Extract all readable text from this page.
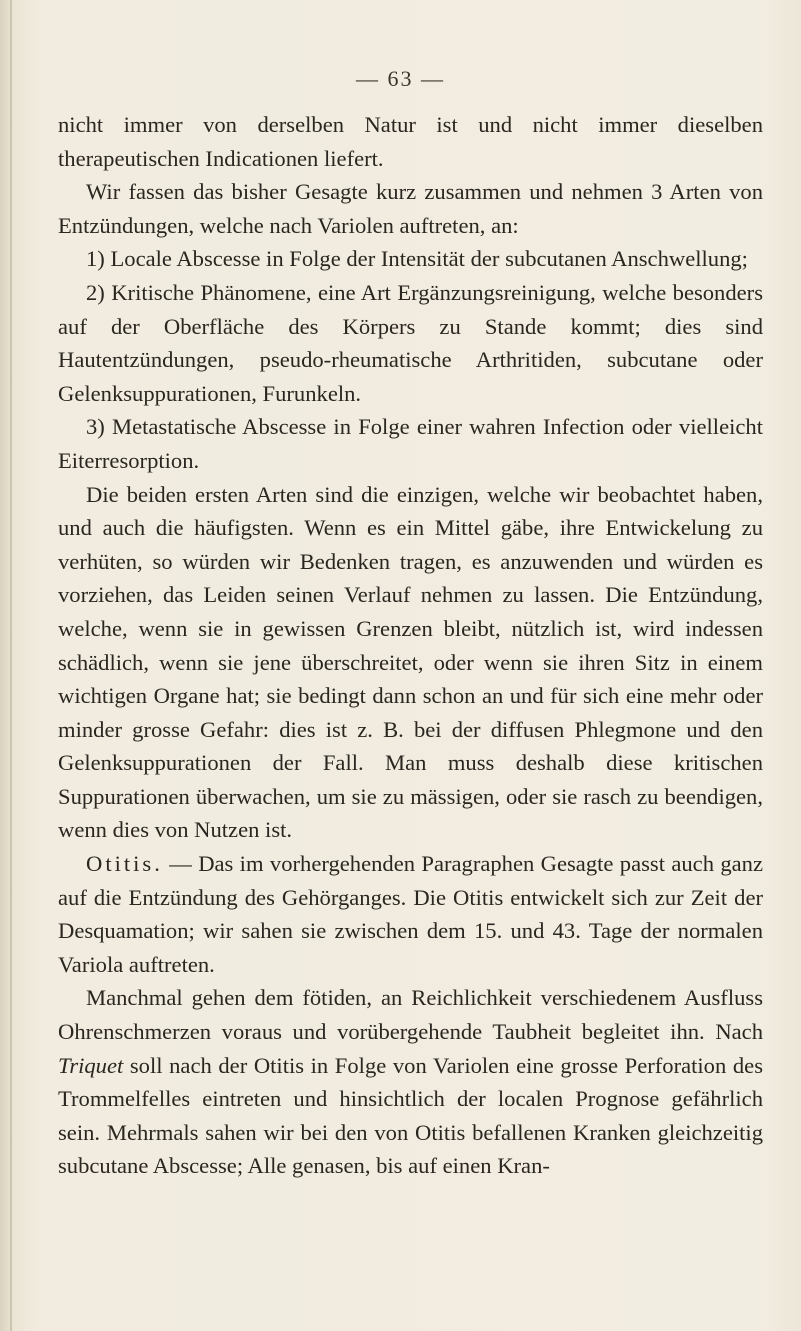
— 63 —

nicht immer von derselben Natur ist und nicht immer dieselben therapeutischen Indicationen liefert.

Wir fassen das bisher Gesagte kurz zusammen und nehmen 3 Arten von Entzündungen, welche nach Variolen auftreten, an:

1) Locale Abscesse in Folge der Intensität der subcutanen Anschwellung;

2) Kritische Phänomene, eine Art Ergänzungsreinigung, welche besonders auf der Oberfläche des Körpers zu Stande kommt; dies sind Hautentzündungen, pseudo-rheumatische Arthritiden, subcutane oder Gelenksuppurationen, Furunkeln.

3) Metastatische Abscesse in Folge einer wahren Infection oder vielleicht Eiterresorption.

Die beiden ersten Arten sind die einzigen, welche wir beobachtet haben, und auch die häufigsten. Wenn es ein Mittel gäbe, ihre Entwickelung zu verhüten, so würden wir Bedenken tragen, es anzuwenden und würden es vorziehen, das Leiden seinen Verlauf nehmen zu lassen. Die Entzündung, welche, wenn sie in gewissen Grenzen bleibt, nützlich ist, wird indessen schädlich, wenn sie jene überschreitet, oder wenn sie ihren Sitz in einem wichtigen Organe hat; sie bedingt dann schon an und für sich eine mehr oder minder grosse Gefahr: dies ist z. B. bei der diffusen Phlegmone und den Gelenksuppurationen der Fall. Man muss deshalb diese kritischen Suppurationen überwachen, um sie zu mässigen, oder sie rasch zu beendigen, wenn dies von Nutzen ist.

Otitis. — Das im vorhergehenden Paragraphen Gesagte passt auch ganz auf die Entzündung des Gehörganges. Die Otitis entwickelt sich zur Zeit der Desquamation; wir sahen sie zwischen dem 15. und 43. Tage der normalen Variola auftreten.

Manchmal gehen dem fötiden, an Reichlichkeit verschiedenem Ausfluss Ohrenschmerzen voraus und vorübergehende Taubheit begleitet ihn. Nach Triquet soll nach der Otitis in Folge von Variolen eine grosse Perforation des Trommelfelles eintreten und hinsichtlich der localen Prognose gefährlich sein. Mehrmals sahen wir bei den von Otitis befallenen Kranken gleichzeitig subcutane Abscesse; Alle genasen, bis auf einen Kran-
